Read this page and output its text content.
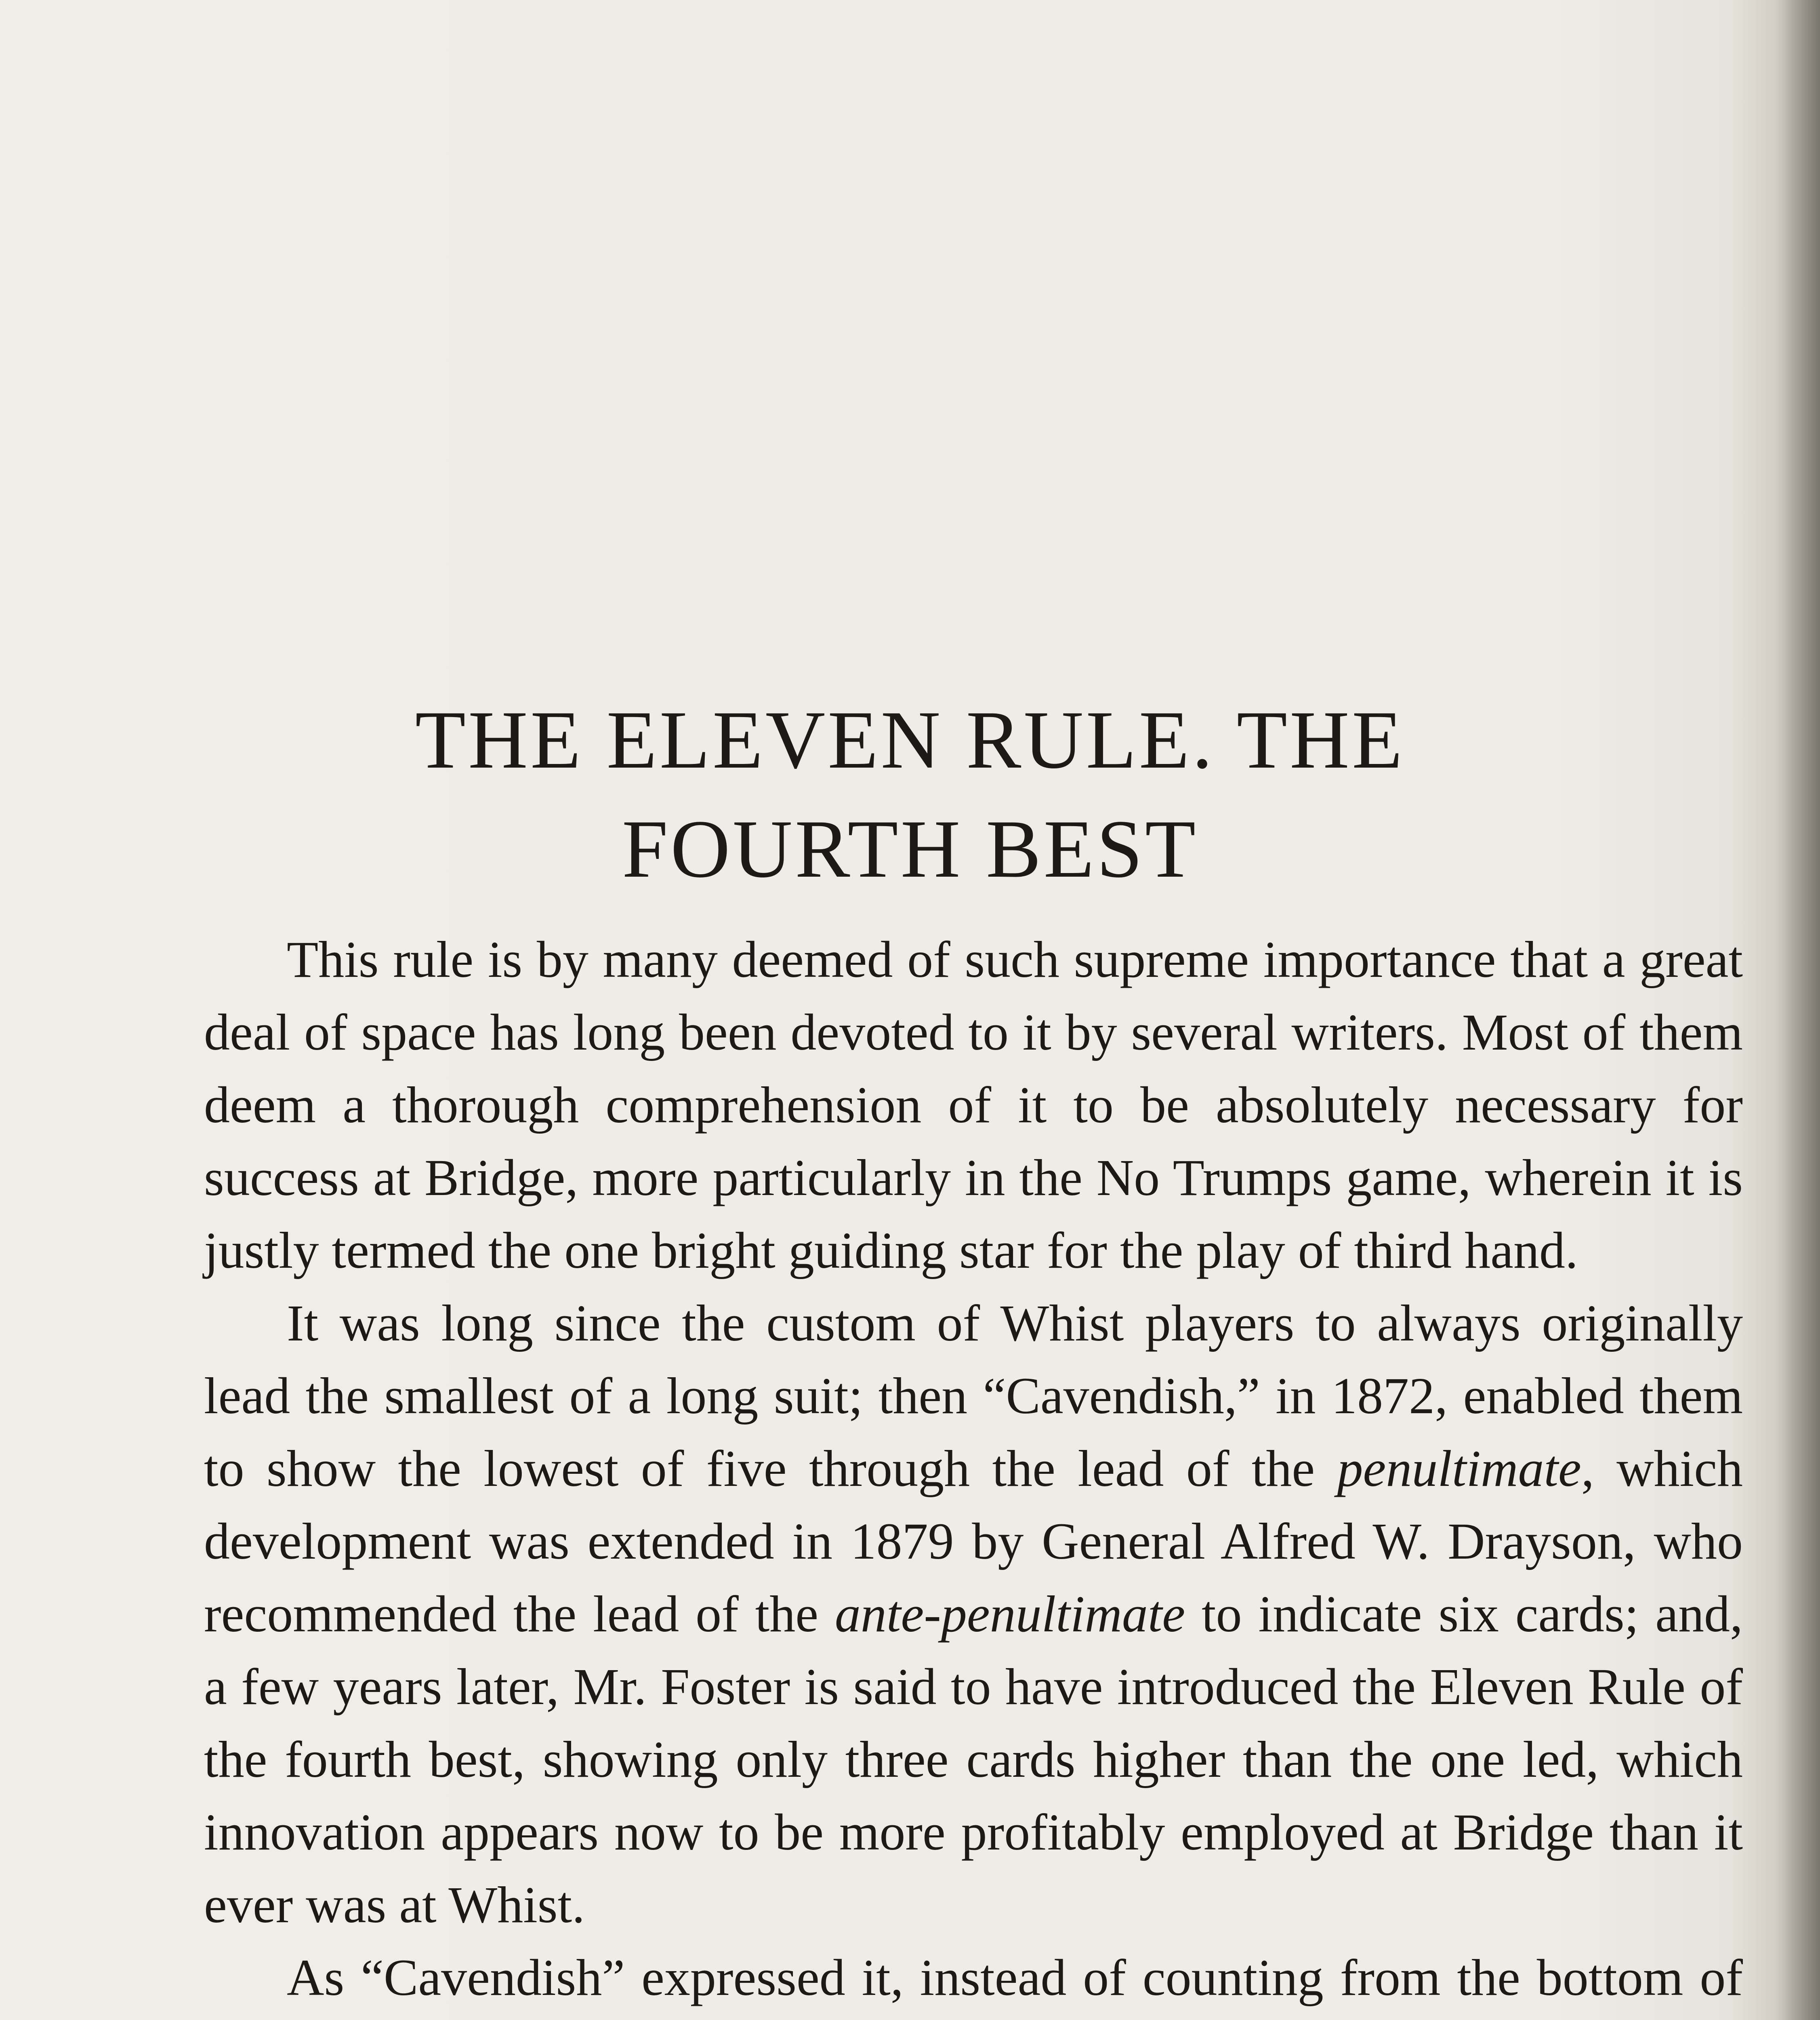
THE ELEVEN RULE. THE
FOURTH BEST

This rule is by many deemed of such supreme importance that a great deal of space has long been devoted to it by several writers. Most of them deem a thorough comprehension of it to be absolutely necessary for success at Bridge, more particularly in the No Trumps game, wherein it is justly termed the one bright guiding star for the play of third hand.

It was long since the custom of Whist players to always originally lead the smallest of a long suit; then “Cavendish,” in 1872, enabled them to show the lowest of five through the lead of the penultimate, which development was extended in 1879 by General Alfred W. Drayson, who recommended the lead of the ante-penultimate to indicate six cards; and, a few years later, Mr. Foster is said to have introduced the Eleven Rule of the fourth best, showing only three cards higher than the one led, which innovation appears now to be more profitably employed at Bridge than it ever was at Whist.

As “Cavendish” expressed it, instead of counting from the bottom of
